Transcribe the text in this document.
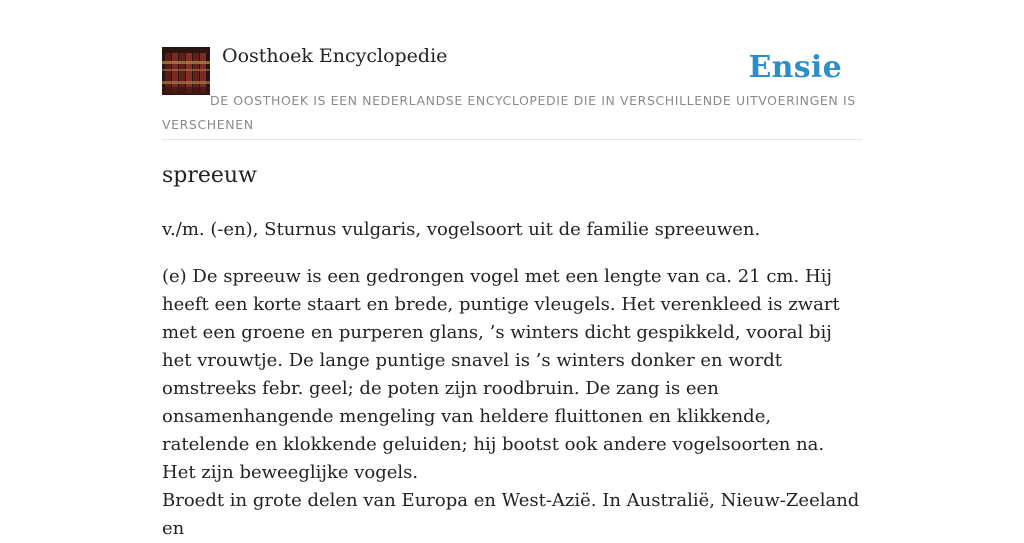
Oosthoek Encyclopedie	Ensie
DE OOSTHOEK IS EEN NEDERLANDSE ENCYCLOPEDIE DIE IN VERSCHILLENDE UITVOERINGEN IS VERSCHENEN
spreeuw

v./m. (-en), Sturnus vulgaris, vogelsoort uit de familie spreeuwen.

(e) De spreeuw is een gedrongen vogel met een lengte van ca. 21 cm. Hij heeft een korte staart en brede, puntige vleugels. Het verenkleed is zwart met een groene en purperen glans, ’s winters dicht gespikkeld, vooral bij het vrouwtje. De lange puntige snavel is ’s winters donker en wordt omstreeks febr. geel; de poten zijn roodbruin. De zang is een onsamenhangende mengeling van heldere fluittonen en klikkende, ratelende en klokkende geluiden; hij bootst ook andere vogelsoorten na. Het zijn beweeglijke vogels.

Broedt in grote delen van Europa en West-Azië. In Australië, Nieuw-Zeeland en
